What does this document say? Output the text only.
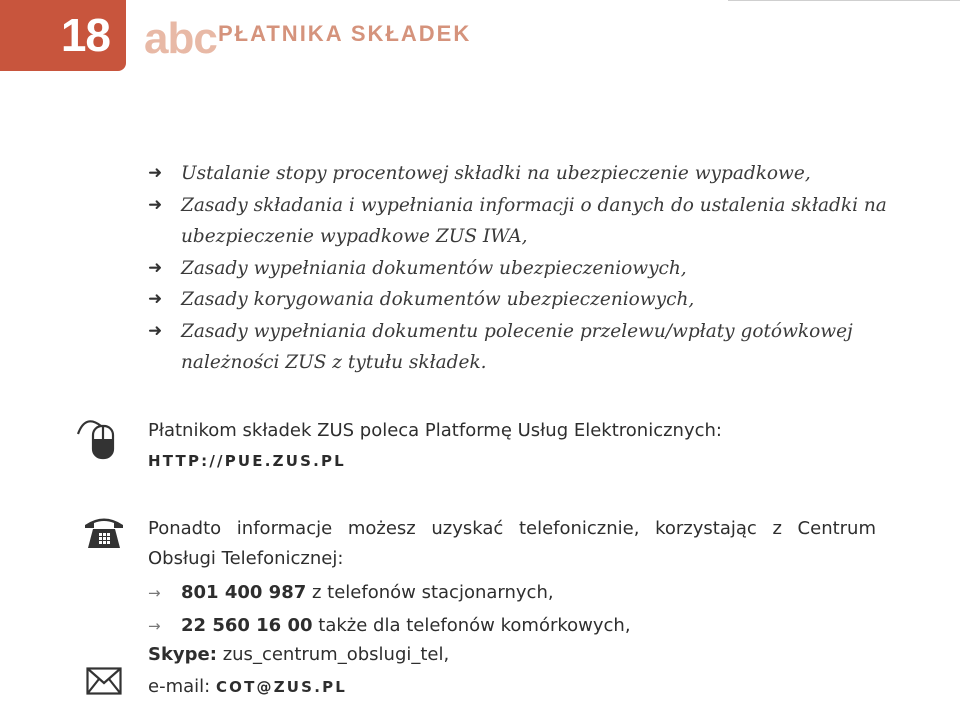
18 abc PŁATNIKA SKŁADEK
➜ Ustalanie stopy procentowej składki na ubezpieczenie wypadkowe,
➜ Zasady składania i wypełniania informacji o danych do ustalenia składki na ubezpieczenie wypadkowe ZUS IWA,
➜ Zasady wypełniania dokumentów ubezpieczeniowych,
➜ Zasady korygowania dokumentów ubezpieczeniowych,
➜ Zasady wypełniania dokumentu polecenie przelewu/wpłaty gotówkowej należności ZUS z tytułu składek.
Płatnikom składek ZUS poleca Platformę Usług Elektronicznych:
HTTP://PUE.ZUS.PL
Ponadto informacje możesz uzyskać telefonicznie, korzystając z Centrum Obsługi Telefonicznej:
→ 801 400 987 z telefonów stacjonarnych,
→ 22 560 16 00 także dla telefonów komórkowych,
Skype: zus_centrum_obslugi_tel,
e-mail: COT@ZUS.PL
